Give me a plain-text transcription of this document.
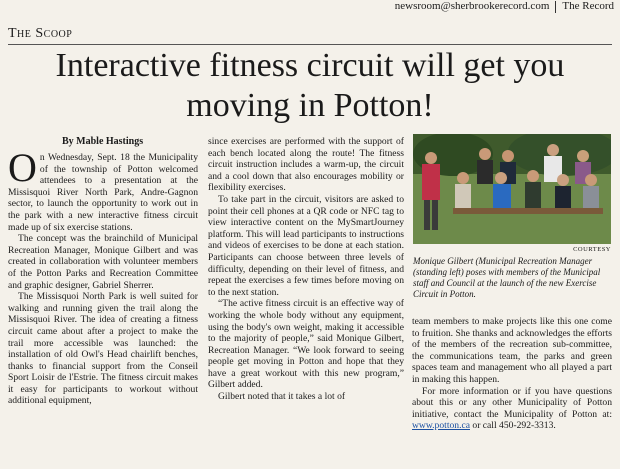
newsroom@sherbrookerecord.com The Record
The Scoop
Interactive fitness circuit will get you moving in Potton!
By Mable Hastings

On Wednesday, Sept. 18 the Municipality of the township of Potton welcomed attendees to a presentation at the Missisquoi River North Park, Andre-Gagnon sector, to launch the opportunity to work out in the park with a new interactive fitness circuit made up of six exercise stations.

The concept was the brainchild of Municipal Recreation Manager, Monique Gilbert and was created in collaboration with volunteer members of the Potton Parks and Recreation Committee and graphic designer, Gabriel Sherrer.

The Missisquoi North Park is well suited for walking and running given the trail along the Missisquoi River. The idea of creating a fitness circuit came about after a project to make the trail more accessible was launched: the installation of old Owl's Head chairlift benches, thanks to financial support from the Conseil Sport Loisir de l'Estrie. The fitness circuit makes it easy for participants to workout without additional equipment,

since exercises are performed with the support of each bench located along the route! The fitness circuit instruction includes a warm-up, the circuit and a cool down that also encourages mobility or flexibility exercises.

To take part in the circuit, visitors are asked to point their cell phones at a QR code or NFC tag to view interactive content on the MySmartJourney platform. This will lead participants to instructions and videos of exercises to be done at each station. Participants can choose between three levels of difficulty, depending on their level of fitness, and repeat the exercises a few times before moving on to the next station.

“The active fitness circuit is an effective way of working the whole body without any equipment, using the body's own weight, making it accessible to the majority of people,” said Monique Gilbert, Recreation Manager. “We look forward to seeing people get moving in Potton and hope that they have a great workout with this new program,” Gilbert added.

Gilbert noted that it takes a lot of

COURTESY
Monique Gilbert (Municipal Recreation Manager (standing left) poses with members of the Municipal staff and Council at the launch of the new Exercise Circuit in Potton.

team members to make projects like this one come to fruition. She thanks and acknowledges the efforts of the members of the recreation sub-committee, the communications team, the parks and green spaces team and management who all played a part in making this happen.

For more information or if you have questions about this or any other Municipality of Potton initiative, contact the Municipality of Potton at: www.potton.ca or call 450-292-3313.
